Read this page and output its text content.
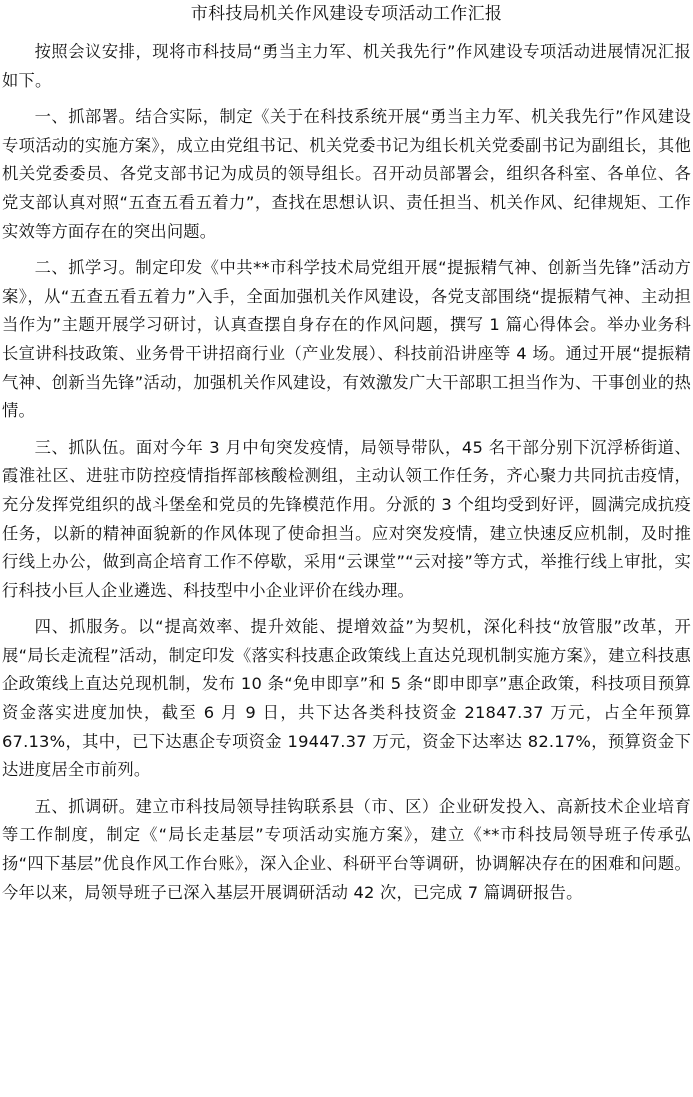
市科技局机关作风建设专项活动工作汇报

按照会议安排，现将市科技局“勇当主力军、机关我先行”作风建设专项活动进展情况汇报如下。

一、抓部署。结合实际，制定《关于在科技系统开展“勇当主力军、机关我先行”作风建设专项活动的实施方案》，成立由党组书记、机关党委书记为组长机关党委副书记为副组长，其他机关党委委员、各党支部书记为成员的领导组长。召开动员部署会，组织各科室、各单位、各党支部认真对照“五查五看五着力”，查找在思想认识、责任担当、机关作风、纪律规矩、工作实效等方面存在的突出问题。

二、抓学习。制定印发《中共**市科学技术局党组开展“提振精气神、创新当先锋”活动方案》，从“五查五看五着力”入手，全面加强机关作风建设，各党支部围绕“提振精气神、主动担当作为”主题开展学习研讨，认真查摆自身存在的作风问题，撰写 1 篇心得体会。举办业务科长宣讲科技政策、业务骨干讲招商行业（产业发展）、科技前沿讲座等 4 场。通过开展“提振精气神、创新当先锋”活动，加强机关作风建设，有效激发广大干部职工担当作为、干事创业的热情。

三、抓队伍。面对今年 3 月中旬突发疫情，局领导带队，45 名干部分别下沉浮桥街道、霞淮社区、进驻市防控疫情指挥部核酸检测组，主动认领工作任务，齐心聚力共同抗击疫情，充分发挥党组织的战斗堡垒和党员的先锋模范作用。分派的 3 个组均受到好评，圆满完成抗疫任务，以新的精神面貌新的作风体现了使命担当。应对突发疫情，建立快速反应机制，及时推行线上办公，做到高企培育工作不停歇，采用“云课堂”“云对接”等方式，举推行线上审批，实行科技小巨人企业遴选、科技型中小企业评价在线办理。

四、抓服务。以“提高效率、提升效能、提增效益”为契机，深化科技“放管服”改革，开展“局长走流程”活动，制定印发《落实科技惠企政策线上直达兑现机制实施方案》，建立科技惠企政策线上直达兑现机制，发布 10 条“免申即享”和 5 条“即申即享”惠企政策，科技项目预算资金落实进度加快，截至 6 月 9 日，共下达各类科技资金 21847.37 万元，占全年预算 67.13%，其中，已下达惠企专项资金 19447.37 万元，资金下达率达 82.17%，预算资金下达进度居全市前列。

五、抓调研。建立市科技局领导挂钩联系县（市、区）企业研发投入、高新技术企业培育等工作制度，制定《“局长走基层”专项活动实施方案》，建立《**市科技局领导班子传承弘扬“四下基层”优良作风工作台账》，深入企业、科研平台等调研，协调解决存在的困难和问题。今年以来，局领导班子已深入基层开展调研活动 42 次，已完成 7 篇调研报告。
